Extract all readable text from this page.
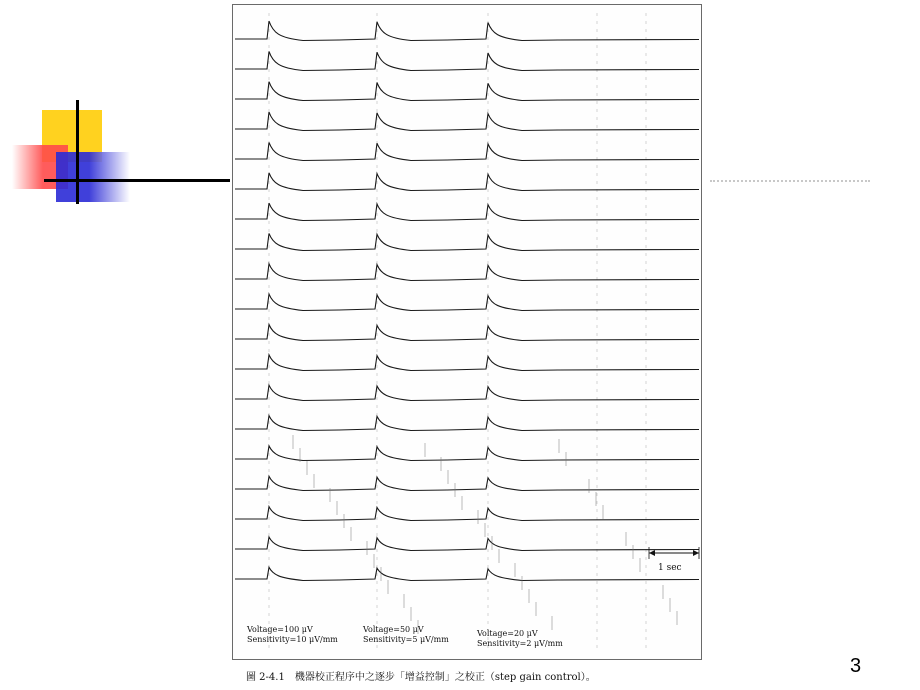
Voltage=100 μV
Sensitivity=10 μV/mm
Voltage=50 μV
Sensitivity=5 μV/mm
Voltage=20 μV
Sensitivity=2 μV/mm
1 sec
圖 2-4.1　機器校正程序中之逐步「增益控制」之校正（step gain control）。
3
